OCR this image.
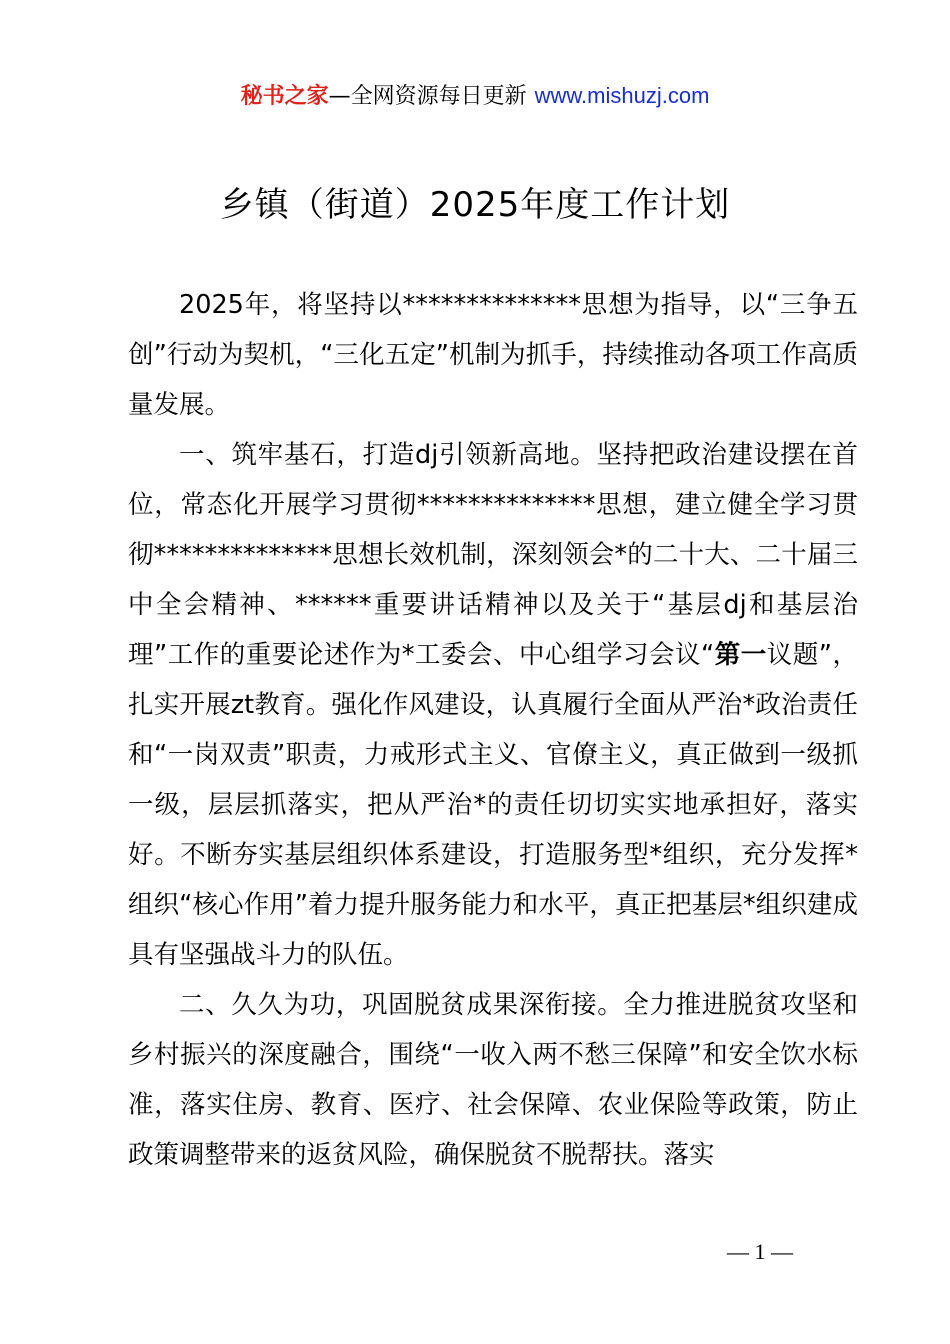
秘书之家—全网资源每日更新 www.mishuzj.com
乡镇（街道）2025年度工作计划

2025年，将坚持以**************思想为指导，以“三争五创”行动为契机，“三化五定”机制为抓手，持续推动各项工作高质量发展。

一、筑牢基石，打造dj引领新高地。坚持把政治建设摆在首位，常态化开展学习贯彻**************思想，建立健全学习贯彻**************思想长效机制，深刻领会*的二十大、二十届三中全会精神、******重要讲话精神以及关于“基层dj和基层治理”工作的重要论述作为*工委会、中心组学习会议“第一议题”，扎实开展zt教育。强化作风建设，认真履行全面从严治*政治责任和“一岗双责”职责，力戒形式主义、官僚主义，真正做到一级抓一级，层层抓落实，把从严治*的责任切切实实地承担好，落实好。不断夯实基层组织体系建设，打造服务型*组织，充分发挥*组织“核心作用”着力提升服务能力和水平，真正把基层*组织建成具有坚强战斗力的队伍。

二、久久为功，巩固脱贫成果深衔接。全力推进脱贫攻坚和乡村振兴的深度融合，围绕“一收入两不愁三保障”和安全饮水标准，落实住房、教育、医疗、社会保障、农业保险等政策，防止政策调整带来的返贫风险，确保脱贫不脱帮扶。落实

— 1 —
